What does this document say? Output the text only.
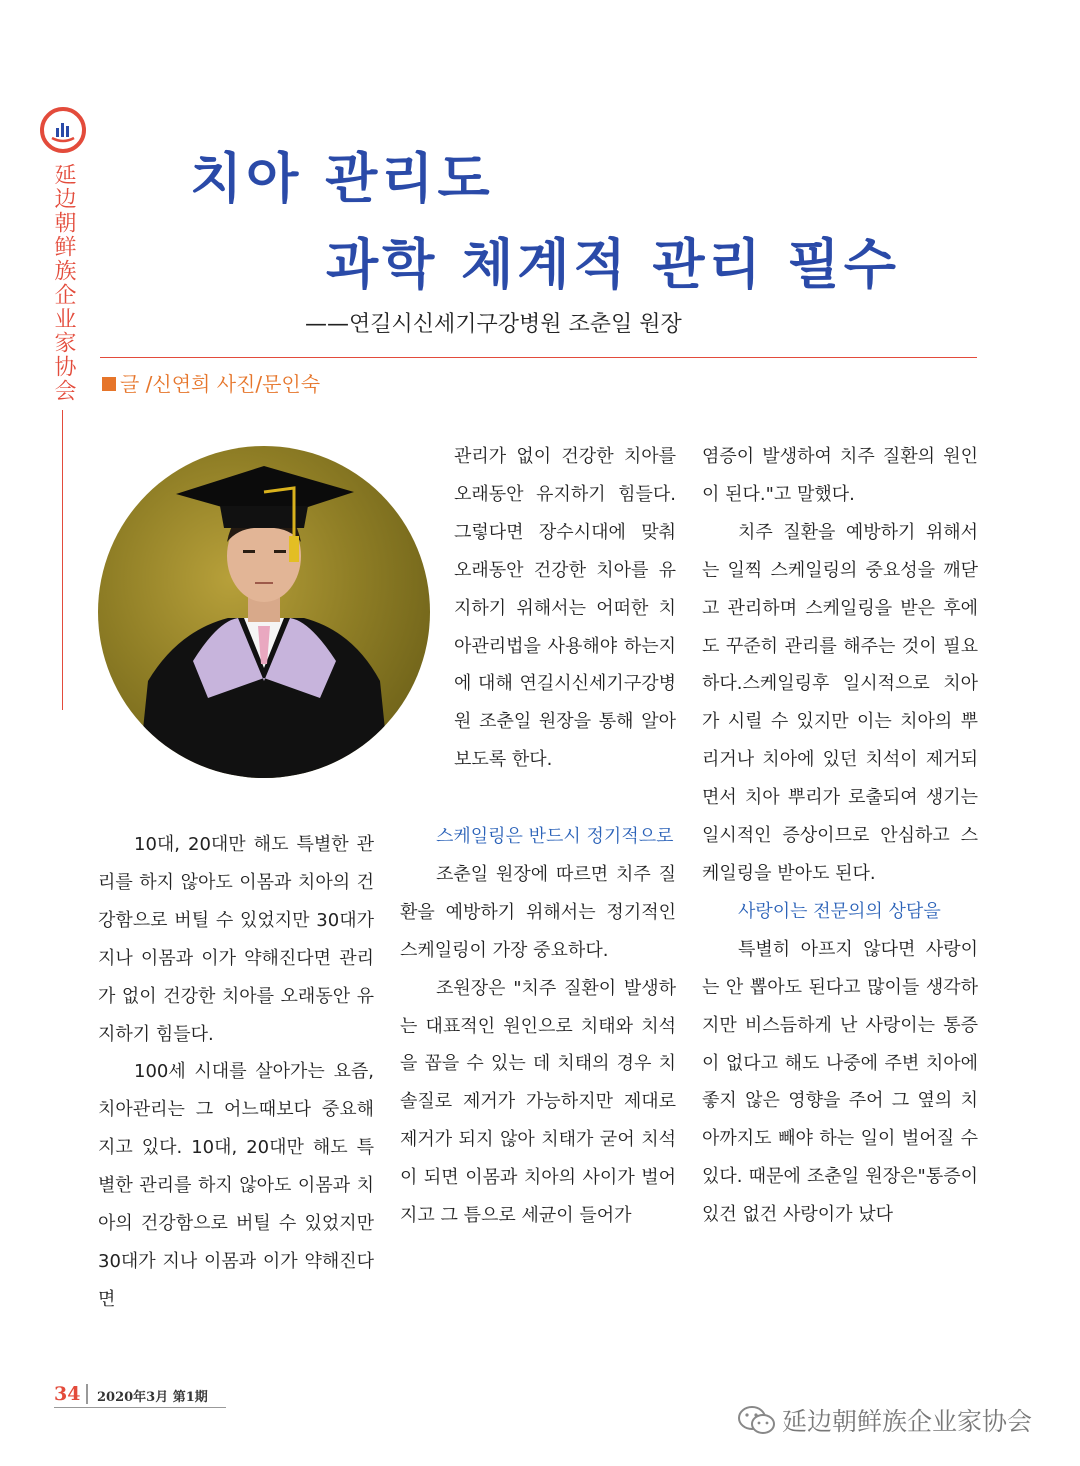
延边朝鲜族企业家协会 치아 관리도
과학 체계적 관리 필수
——연길시신세기구강병원 조춘일 원장
글 /신연희 사진/문인숙

10대, 20대만 해도 특별한 관리를 하지 않아도 이몸과 치아의 건강함으로 버틸 수 있었지만 30대가 지나 이몸과 이가 약해진다면 관리가 없이 건강한 치아를 오래동안 유지하기 힘들다.

100세 시대를 살아가는 요즘, 치아관리는 그 어느때보다 중요해 지고 있다. 10대, 20대만 해도 특별한 관리를 하지 않아도 이몸과 치아의 건강함으로 버틸 수 있었지만 30대가 지나 이몸과 이가 약해진다면

관리가 없이 건강한 치아를 오래동안 유지하기 힘들다. 그렇다면 장수시대에 맞춰 오래동안 건강한 치아를 유지하기 위해서는 어떠한 치아관리법을 사용해야 하는지에 대해 연길시신세기구강병원 조춘일 원장을 통해 알아보도록 한다.

스케일링은 반드시 정기적으로

조춘일 원장에 따르면 치주 질환을 예방하기 위해서는 정기적인 스케일링이 가장 중요하다.

조원장은 "치주 질환이 발생하는 대표적인 원인으로 치태와 치석을 꼽을 수 있는 데 치태의 경우 치솔질로 제거가 가능하지만 제대로 제거가 되지 않아 치태가 굳어 치석이 되면 이몸과 치아의 사이가 벌어지고 그 틈으로 세균이 들어가

염증이 발생하여 치주 질환의 원인이 된다."고 말했다.

치주 질환을 예방하기 위해서는 일찍 스케일링의 중요성을 깨닫고 관리하며 스케일링을 받은 후에도 꾸준히 관리를 해주는 것이 필요하다.스케일링후 일시적으로 치아가 시릴 수 있지만 이는 치아의 뿌리거나 치아에 있던 치석이 제거되면서 치아 뿌리가 로출되여 생기는 일시적인 증상이므로 안심하고 스케일링을 받아도 된다.

사랑이는 전문의의 상담을

특별히 아프지 않다면 사랑이는 안 뽑아도 된다고 많이들 생각하지만 비스듬하게 난 사랑이는 통증이 없다고 해도 나중에 주변 치아에 좋지 않은 영향을 주어 그 옆의 치아까지도 빼야 하는 일이 벌어질 수 있다. 때문에 조춘일 원장은"통증이 있건 없건 사랑이가 났다

34 2020年3月 第1期
延边朝鲜族企业家协会
